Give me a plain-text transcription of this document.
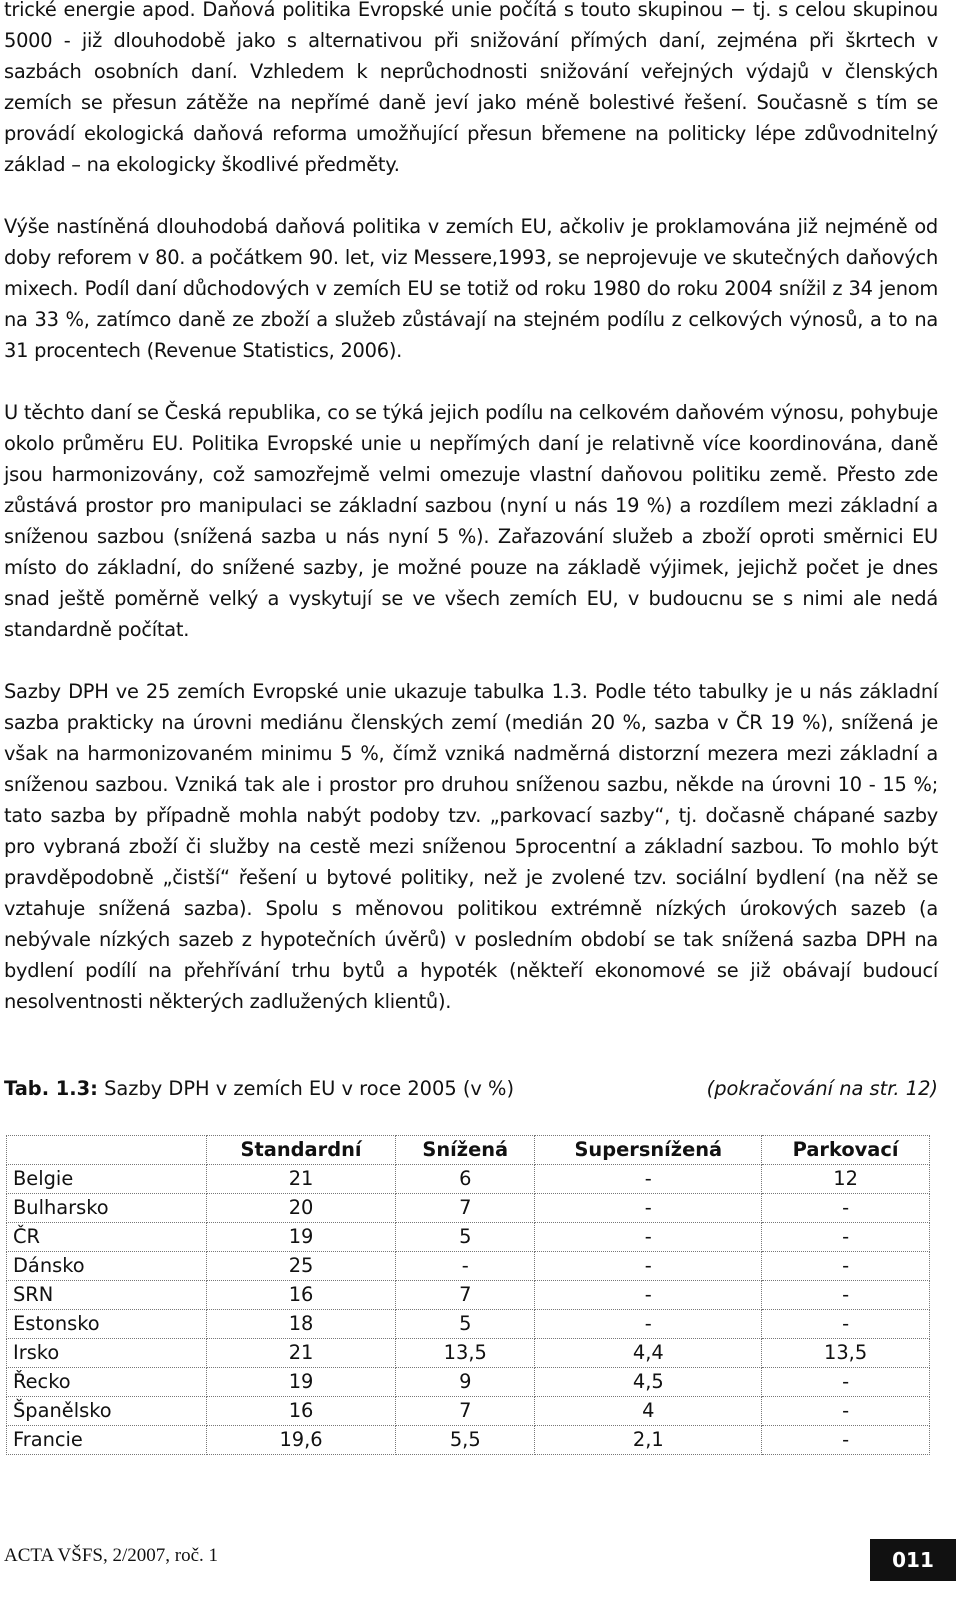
trické energie apod. Daňová politika Evropské unie počítá s touto skupinou − tj. s celou skupinou 5000 - již dlouhodobě jako s alternativou při snižování přímých daní, zejména při škrtech v sazbách osobních daní. Vzhledem k neprůchodnosti snižování veřejných výdajů v členských zemích se přesun zátěže na nepřímé daně jeví jako méně bolestivé řešení. Současně s tím se provádí ekologická daňová reforma umožňující přesun břemene na politicky lépe zdůvodnitelný základ – na ekologicky škodlivé předměty.

Výše nastíněná dlouhodobá daňová politika v zemích EU, ačkoliv je proklamována již nejméně od doby reforem v 80. a počátkem 90. let, viz Messere,1993, se neprojevuje ve skutečných daňových mixech. Podíl daní důchodových v zemích EU se totiž od roku 1980 do roku 2004 snížil z 34 jenom na 33 %, zatímco daně ze zboží a služeb zůstávají na stejném podílu z celkových výnosů, a to na 31 procentech (Revenue Statistics, 2006).

U těchto daní se Česká republika, co se týká jejich podílu na celkovém daňovém výnosu, pohybuje okolo průměru EU. Politika Evropské unie u nepřímých daní je relativně více koordinována, daně jsou harmonizovány, což samozřejmě velmi omezuje vlastní daňovou politiku země. Přesto zde zůstává prostor pro manipulaci se základní sazbou (nyní u nás 19 %) a rozdílem mezi základní a sníženou sazbou (snížená sazba u nás nyní 5 %). Zařazování služeb a zboží oproti směrnici EU místo do základní, do snížené sazby, je možné pouze na základě výjimek, jejichž počet je dnes snad ještě poměrně velký a vyskytují se ve všech zemích EU, v budoucnu se s nimi ale nedá standardně počítat.

Sazby DPH ve 25 zemích Evropské unie ukazuje tabulka 1.3. Podle této tabulky je u nás základní sazba prakticky na úrovni mediánu členských zemí (medián 20 %, sazba v ČR 19 %), snížená je však na harmonizovaném minimu 5 %, čímž vzniká nadměrná distorzní mezera mezi základní a sníženou sazbou. Vzniká tak ale i prostor pro druhou sníženou sazbu, někde na úrovni 10 - 15 %; tato sazba by případně mohla nabýt podoby tzv. „parkovací sazby“, tj. dočasně chápané sazby pro vybraná zboží či služby na cestě mezi sníženou 5procentní a základní sazbou. To mohlo být pravděpodobně „čistší“ řešení u bytové politiky, než je zvolené tzv. sociální bydlení (na něž se vztahuje snížená sazba). Spolu s měnovou politikou extrémně nízkých úrokových sazeb (a nebývale nízkých sazeb z hypotečních úvěrů) v posledním období se tak snížená sazba DPH na bydlení podílí na přehřívání trhu bytů a hypoték (někteří ekonomové se již obávají budoucí nesolventnosti některých zadlužených klientů).

Tab. 1.3: Sazby DPH v zemích EU v roce 2005 (v %)	(pokračování na str. 12)
	Standardní	Snížená	Supersnížená	Parkovací
Belgie	21	6	-	12
Bulharsko	20	7	-	-
ČR	19	5	-	-
Dánsko	25	-	-	-
SRN	16	7	-	-
Estonsko	18	5	-	-
Irsko	21	13,5	4,4	13,5
Řecko	19	9	4,5	-
Španělsko	16	7	4	-
Francie	19,6	5,5	2,1	-
ACTA VŠFS, 2/2007, roč. 1	011
